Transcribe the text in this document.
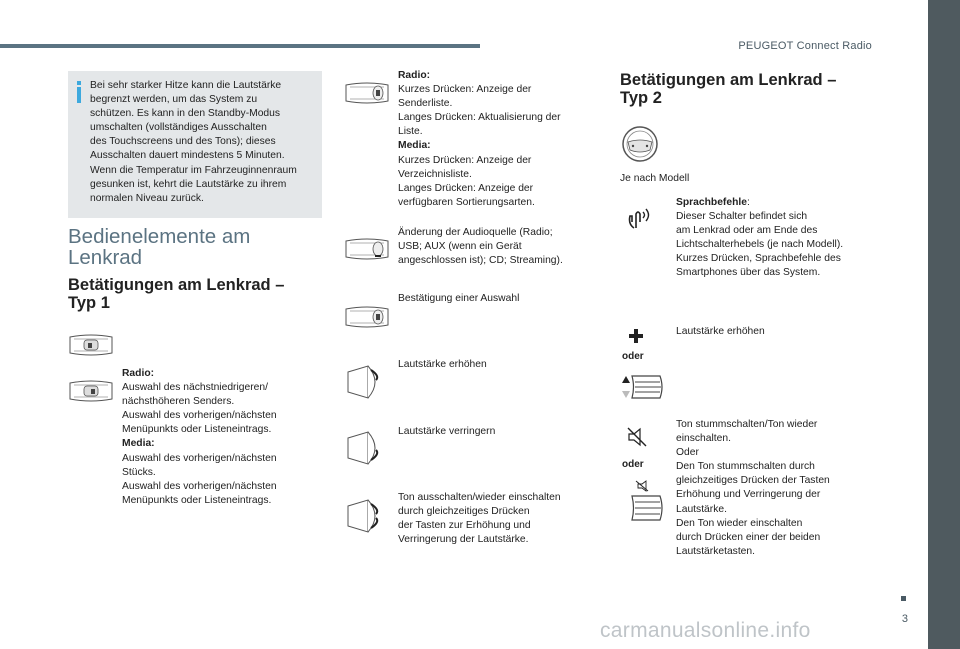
PEUGEOT Connect Radio
3
carmanualsonline.info
Bei sehr starker Hitze kann die Lautstärke
begrenzt werden, um das System zu
schützen. Es kann in den Standby-Modus
umschalten (vollständiges Ausschalten
des Touchscreens und des Tons); dieses
Ausschalten dauert mindestens 5 Minuten.
Wenn die Temperatur im Fahrzeuginnenraum
gesunken ist, kehrt die Lautstärke zu ihrem
normalen Niveau zurück.
Bedienelemente am
Lenkrad
Betätigungen am Lenkrad –
Typ 1
Radio:
Auswahl des nächstniedrigeren/
nächsthöheren Senders.
Auswahl des vorherigen/nächsten
Menüpunkts oder Listeneintrags.
Media:
Auswahl des vorherigen/nächsten
Stücks.
Auswahl des vorherigen/nächsten
Menüpunkts oder Listeneintrags.
Radio:
Kurzes Drücken: Anzeige der
Senderliste.
Langes Drücken: Aktualisierung der
Liste.
Media:
Kurzes Drücken: Anzeige der
Verzeichnisliste.
Langes Drücken: Anzeige der
verfügbaren Sortierungsarten.
Änderung der Audioquelle (Radio;
USB; AUX (wenn ein Gerät
angeschlossen ist); CD; Streaming).
Bestätigung einer Auswahl
Lautstärke erhöhen
Lautstärke verringern
Ton ausschalten/wieder einschalten
durch gleichzeitiges Drücken
der Tasten zur Erhöhung und
Verringerung der Lautstärke.
Betätigungen am Lenkrad –
Typ 2
Je nach Modell
Sprachbefehle:
Dieser Schalter befindet sich
am Lenkrad oder am Ende des
Lichtschalterhebels (je nach Modell).
Kurzes Drücken, Sprachbefehle des
Smartphones über das System.
oder
Lautstärke erhöhen
oder
Ton stummschalten/Ton wieder
einschalten.
Oder
Den Ton stummschalten durch
gleichzeitiges Drücken der Tasten
Erhöhung und Verringerung der
Lautstärke.
Den Ton wieder einschalten
durch Drücken einer der beiden
Lautstärketasten.
